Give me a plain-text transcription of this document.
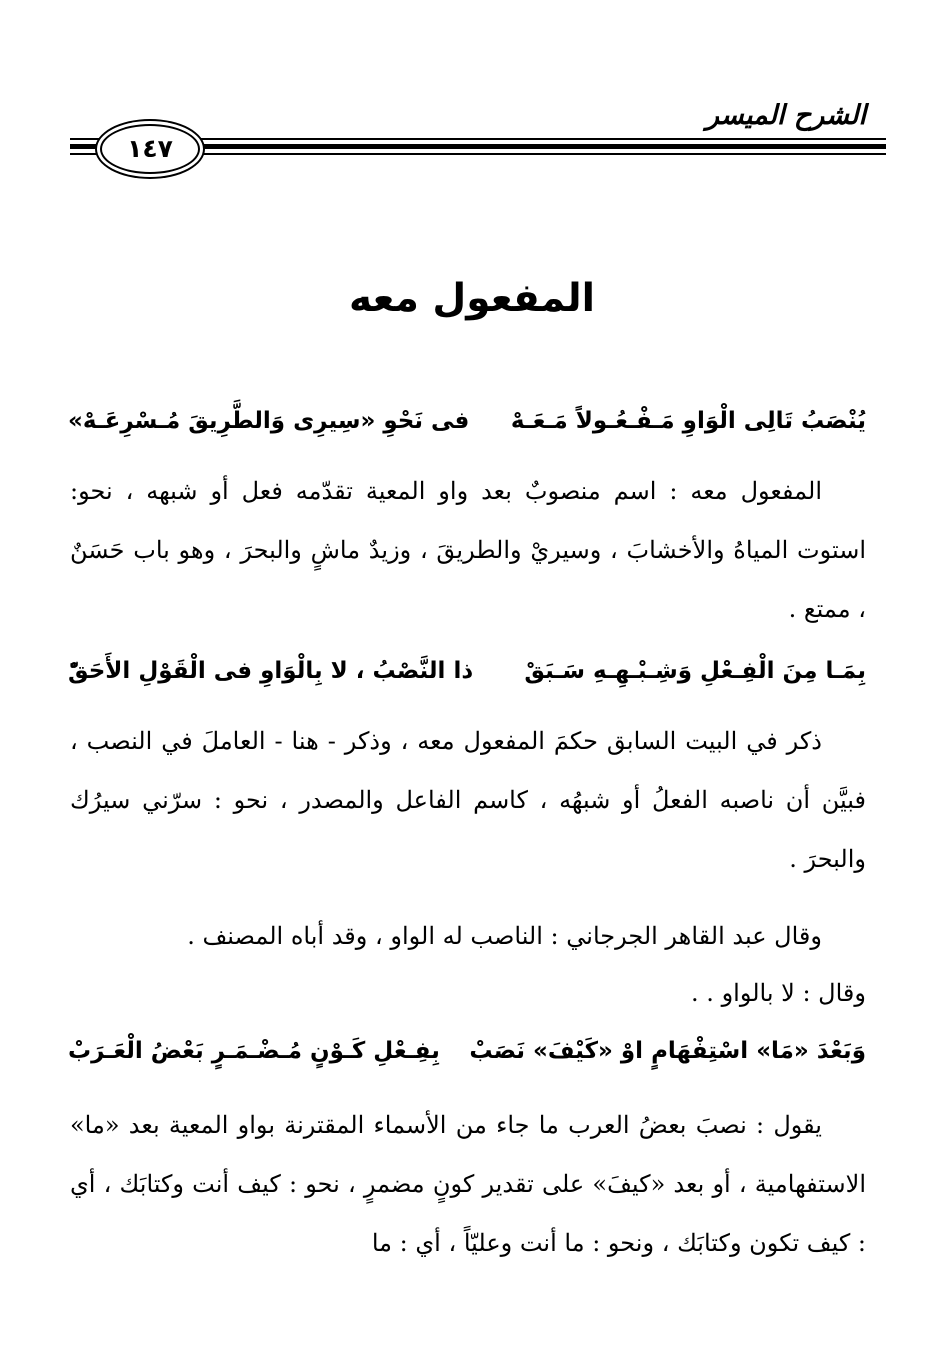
الشرح الميسر
١٤٧
المفعول معه
يُنْصَبُ تَالِى الْوَاوِ مَـفْـعُـولاً مَـعَـهْ
فى نَحْوِ «سِيرِى وَالطَّرِيقَ مُـسْرِعَـهْ»
المفعول معه : اسم منصوبٌ بعد واو المعية تقدّمه فعل أو شبهه ، نحو: استوت المياهُ والأخشابَ ، وسيريْ والطريقَ ، وزيدٌ ماشٍ والبحرَ ، وهو باب حَسَنٌ ، ممتع .
بِمَـا مِنَ الْفِـعْلِ وَشِـبْـهِـهِ سَـبَقْ
ذا النَّصْبُ ، لا بِالْوَاوِ فى الْقَوْلِ الأَحَقّْ
ذكر في البيت السابق حكمَ المفعول معه ، وذكر - هنا - العاملَ في النصب ، فبيَّن أن ناصبه الفعلُ أو شبهُه ، كاسم الفاعل والمصدر ، نحو : سرّني سيرُك والبحرَ .
وقال عبد القاهر الجرجاني : الناصب له الواو ، وقد أباه المصنف .
وقال : لا بالواو . .
وَبَعْدَ «مَا» اسْتِفْهَامٍ اوْ «كَيْفَ» نَصَبْ
بِفِـعْلِ كَـوْنٍ مُـضْـمَـرٍ بَعْضُ الْعَـرَبْ
يقول : نصبَ بعضُ العرب ما جاء من الأسماء المقترنة بواو المعية بعد «ما» الاستفهامية ، أو بعد «كيفَ» على تقدير كونٍ مضمرٍ ، نحو : كيف أنت وكتابَك ، أي : كيف تكون وكتابَك ، ونحو : ما أنت وعليّاً ، أي : ما
